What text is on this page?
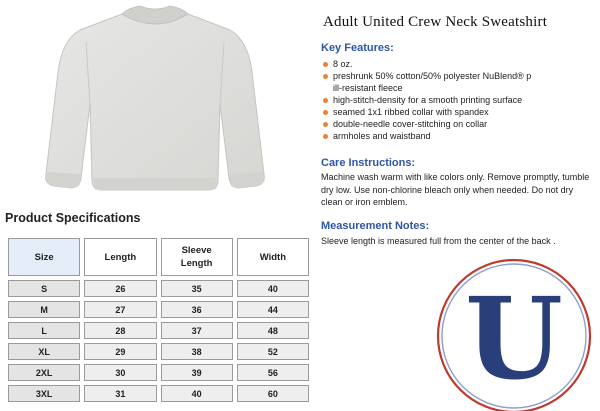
Adult United Crew Neck Sweatshirt
Key Features:
8 oz.
preshrunk 50% cotton/50% polyester NuBlend® p
ill-resistant fleece
high-stitch-density for a smooth printing surface
seamed 1x1 ribbed collar with spandex
double-needle cover-stitching on collar
armholes and waistband
Care Instructions:
Machine wash warm with like colors only. Remove promptly, tumble dry low. Use non-chlorine bleach only when needed. Do not dry clean or iron emblem.
Measurement Notes:
Sleeve length is measured full from the center of the back .
Product Specifications
Size	Length	Sleeve Length	Width
S	26	35	40
M	27	36	44
L	28	37	48
XL	29	38	52
2XL	30	39	56
3XL	31	40	60 U
